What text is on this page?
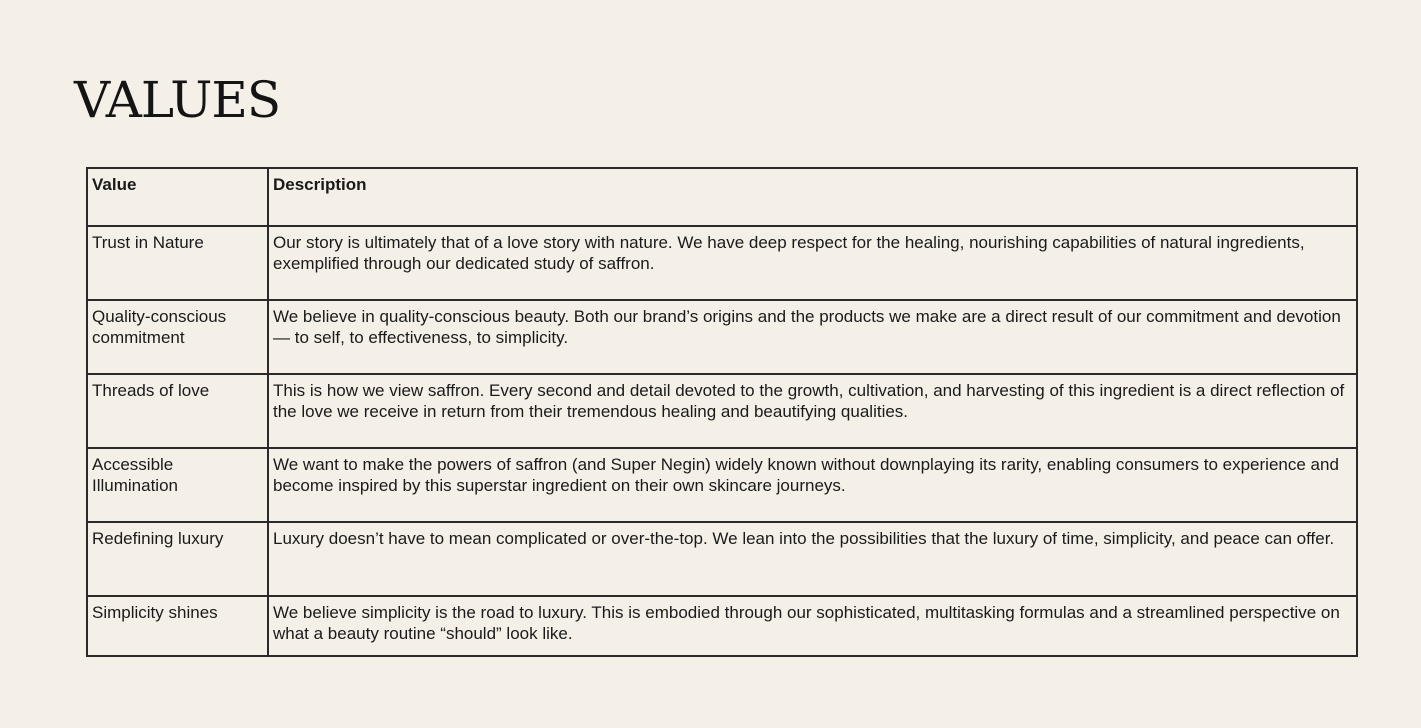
VALUES
Value	Description
Trust in Nature	Our story is ultimately that of a love story with nature. We have deep respect for the healing, nourishing capabilities of natural ingredients, exemplified through our dedicated study of saffron.
Quality-conscious commitment	We believe in quality-conscious beauty. Both our brand’s origins and the products we make are a direct result of our commitment and devotion — to self, to effectiveness, to simplicity.
Threads of love	This is how we view saffron. Every second and detail devoted to the growth, cultivation, and harvesting of this ingredient is a direct reflection of the love we receive in return from their tremendous healing and beautifying qualities.
Accessible Illumination	We want to make the powers of saffron (and Super Negin) widely known without downplaying its rarity, enabling consumers to experience and become inspired by this superstar ingredient on their own skincare journeys.
Redefining luxury	Luxury doesn’t have to mean complicated or over-the-top. We lean into the possibilities that the luxury of time, simplicity, and peace can offer.
Simplicity shines	We believe simplicity is the road to luxury. This is embodied through our sophisticated, multitasking formulas and a streamlined perspective on what a beauty routine “should” look like.
